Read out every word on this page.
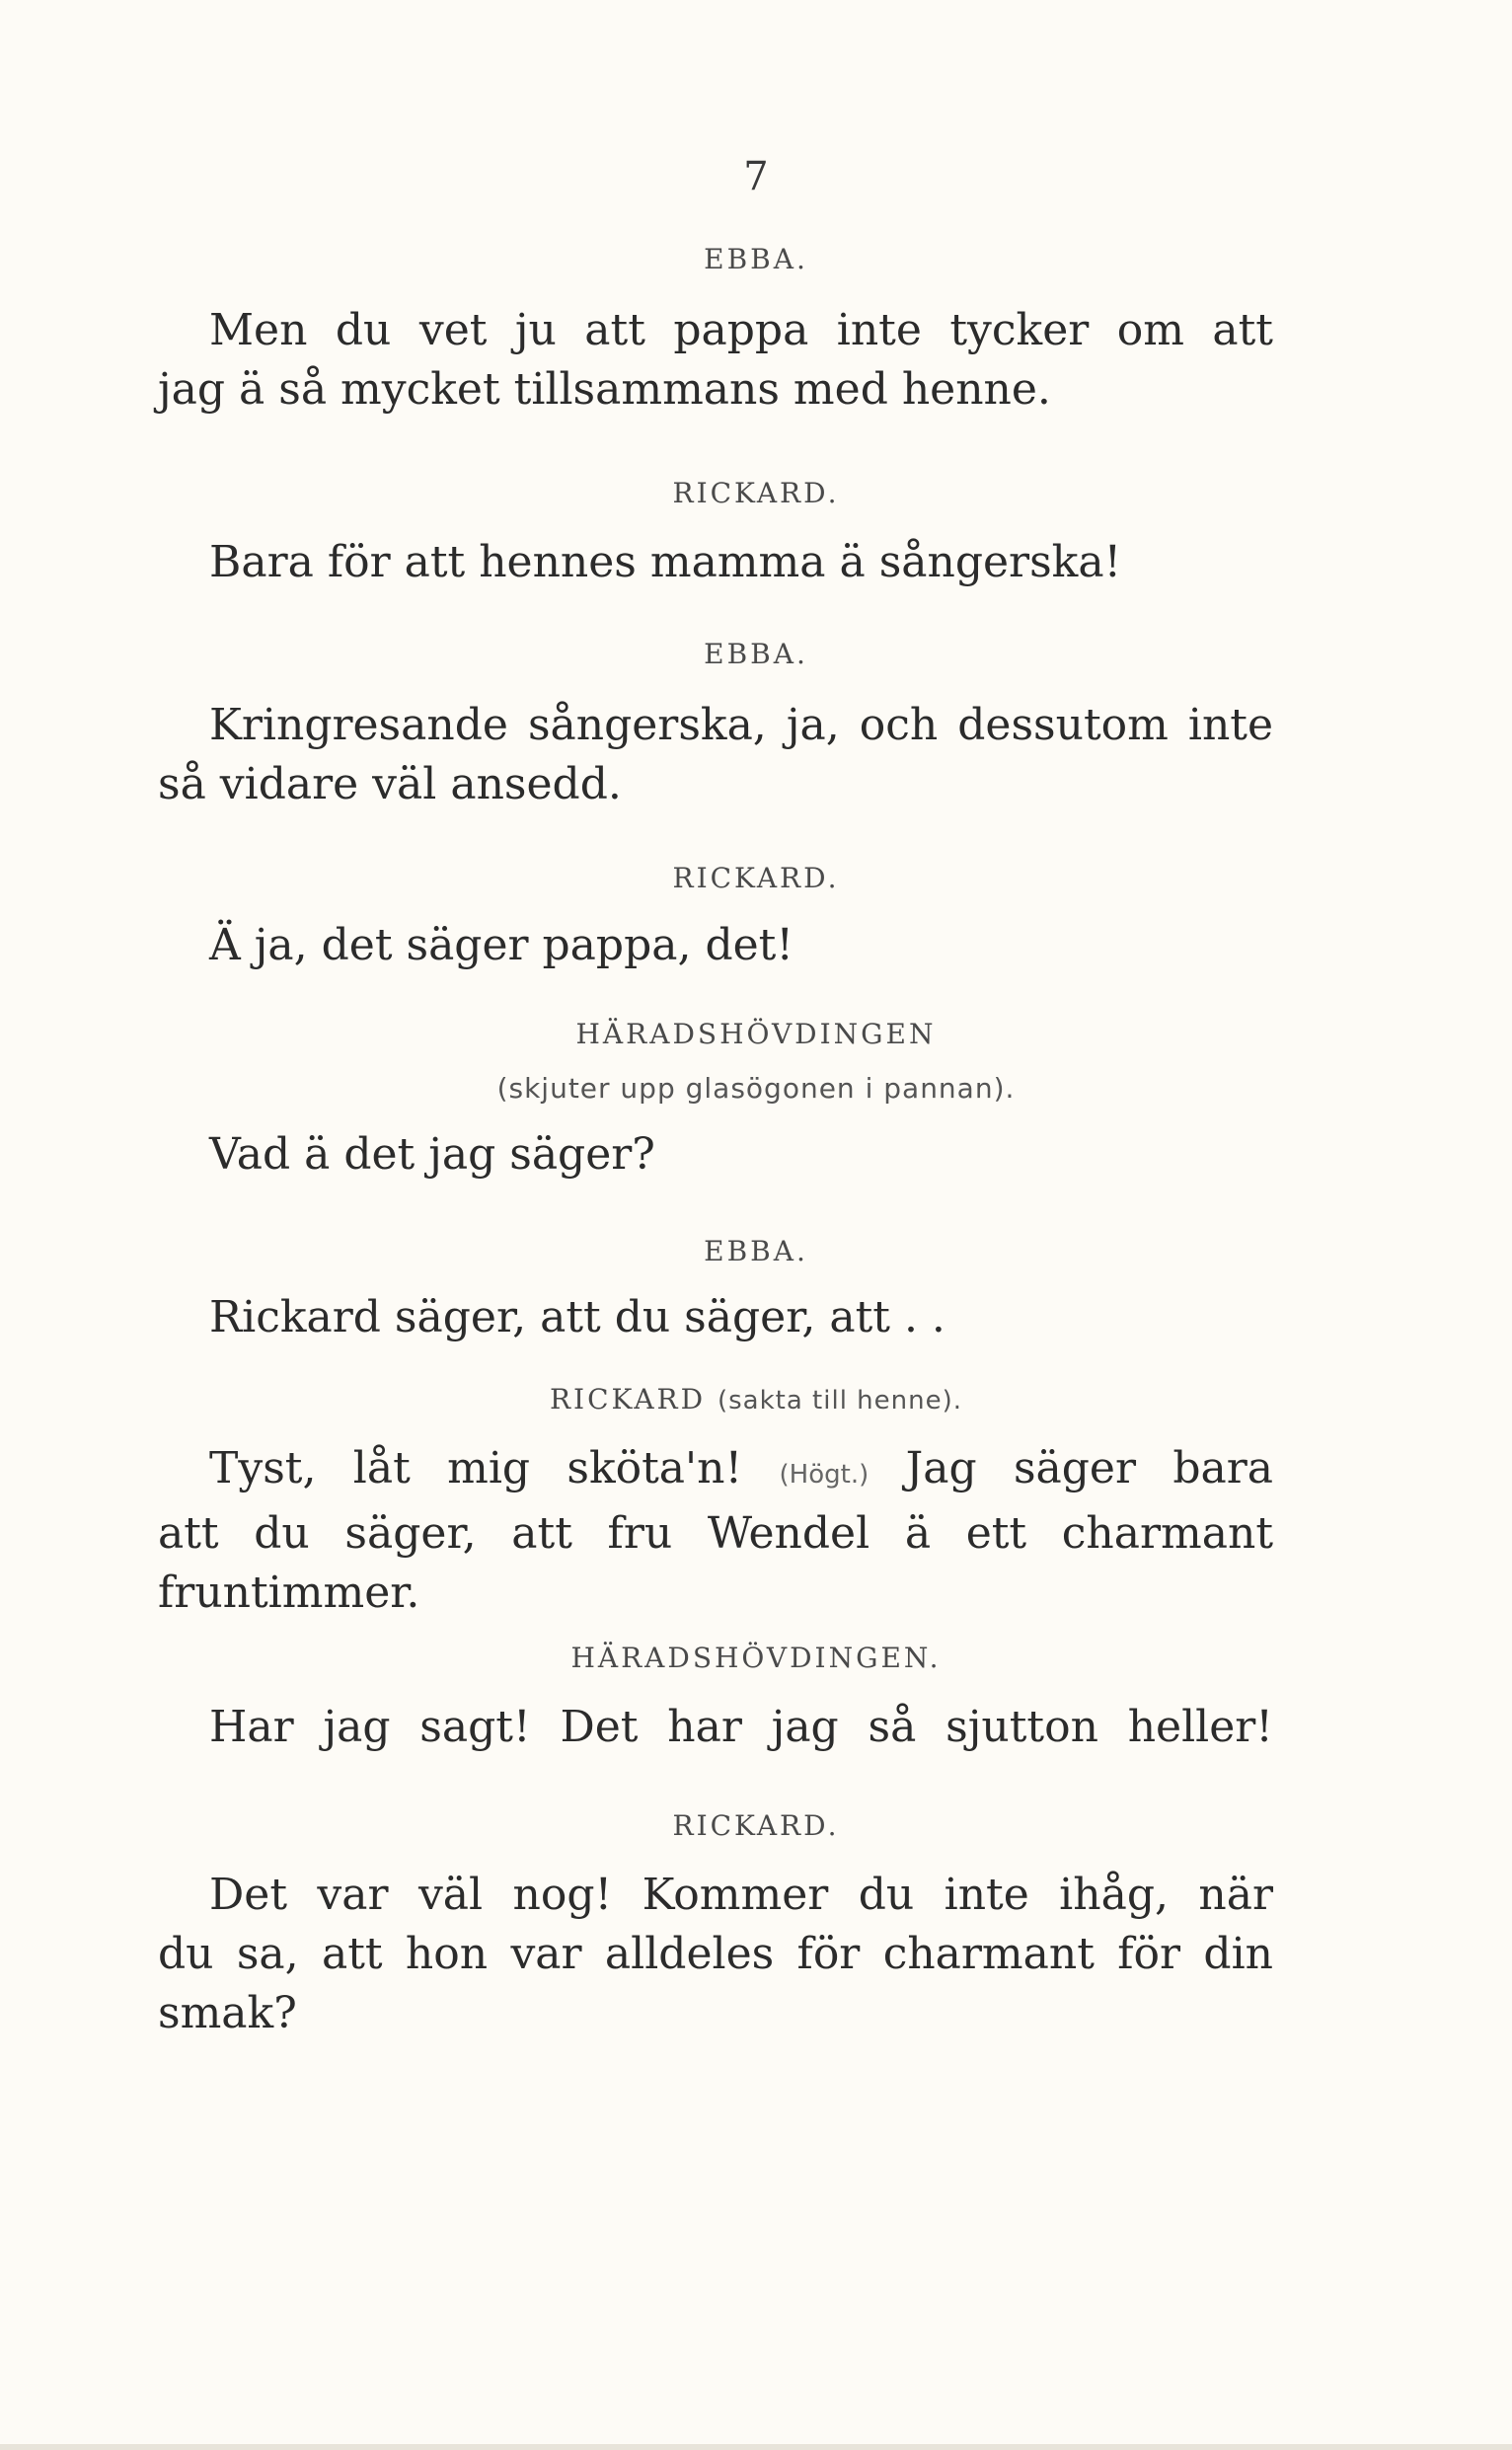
7
EBBA.
Men du vet ju att pappa inte tycker om att
jag ä så mycket tillsammans med henne.
RICKARD.
Bara för att hennes mamma ä sångerska!
EBBA.
Kringresande sångerska, ja, och dessutom inte
så vidare väl ansedd.
RICKARD.
Ä ja, det säger pappa, det!
HÄRADSHÖVDINGEN
(skjuter upp glasögonen i pannan).
Vad ä det jag säger?
EBBA.
Rickard säger, att du säger, att . .
RICKARD (sakta till henne).
Tyst, låt mig sköta'n! (Högt.) Jag säger bara
att du säger, att fru Wendel ä ett charmant
fruntimmer.
HÄRADSHÖVDINGEN.
Har jag sagt! Det har jag så sjutton heller!
RICKARD.
Det var väl nog! Kommer du inte ihåg, när
du sa, att hon var alldeles för charmant för din
smak?
